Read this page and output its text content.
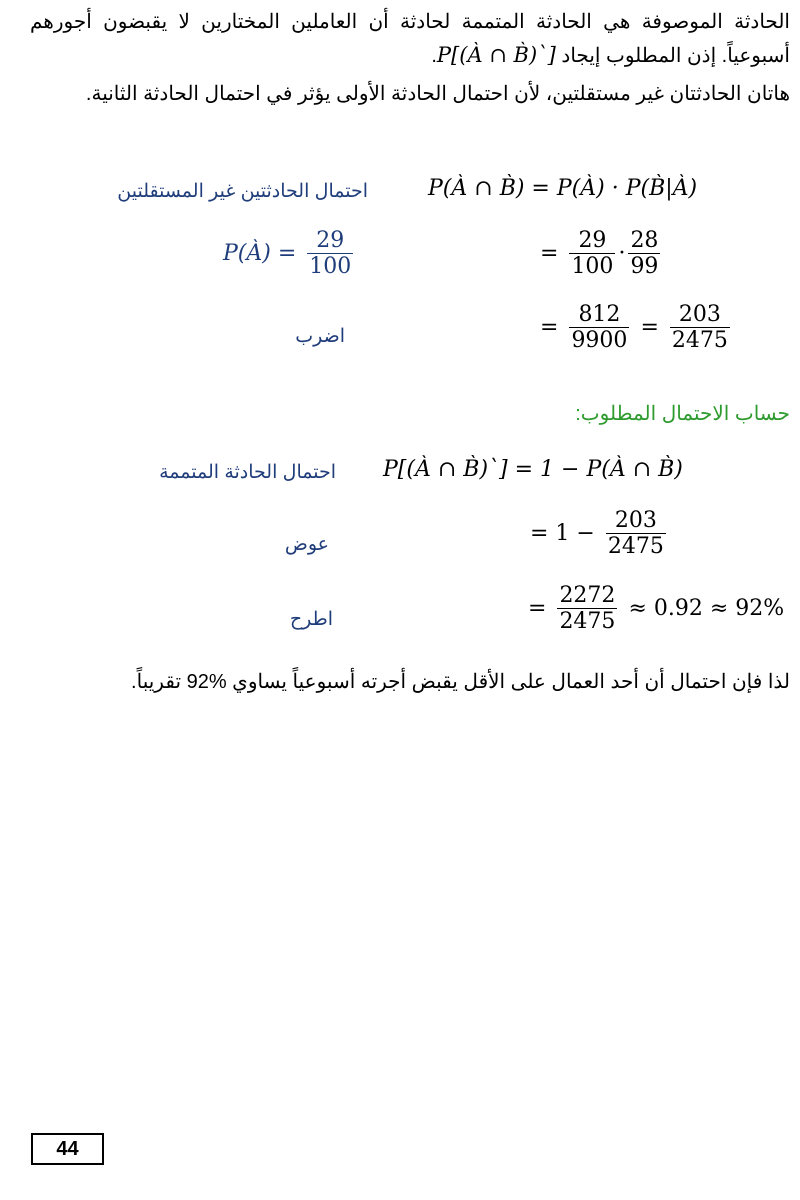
الحادثة الموصوفة هي الحادثة المتممة لحادثة أن العاملين المختارين لا يقبضون أجورهم أسبوعياً. إذن المطلوب إيجاد P[(À ∩ B̀)`].
هاتان الحادثتان غير مستقلتين، لأن احتمال الحادثة الأولى يؤثر في احتمال الحادثة الثانية.
P(À ∩ B̀) = P(À) · P(B̀|À)
احتمال الحادثتين غير المستقلتين
= $\frac{29}{100} \cdot \frac{28}{99}$
P(À) = $\frac{29}{100}$
= $\frac{812}{9900} = \frac{203}{2475}$
اضرب
حساب الاحتمال المطلوب:
P[(À ∩ B̀)`] = 1 − P(À ∩ B̀)
احتمال الحادثة المتممة
= $1 - \frac{203}{2475}$
عوض
= $\frac{2272}{2475} \approx 0.92 \approx 92\%$
اطرح
لذا فإن احتمال أن أحد العمال على الأقل يقبض أجرته أسبوعياً يساوي %92 تقريباً.
44
